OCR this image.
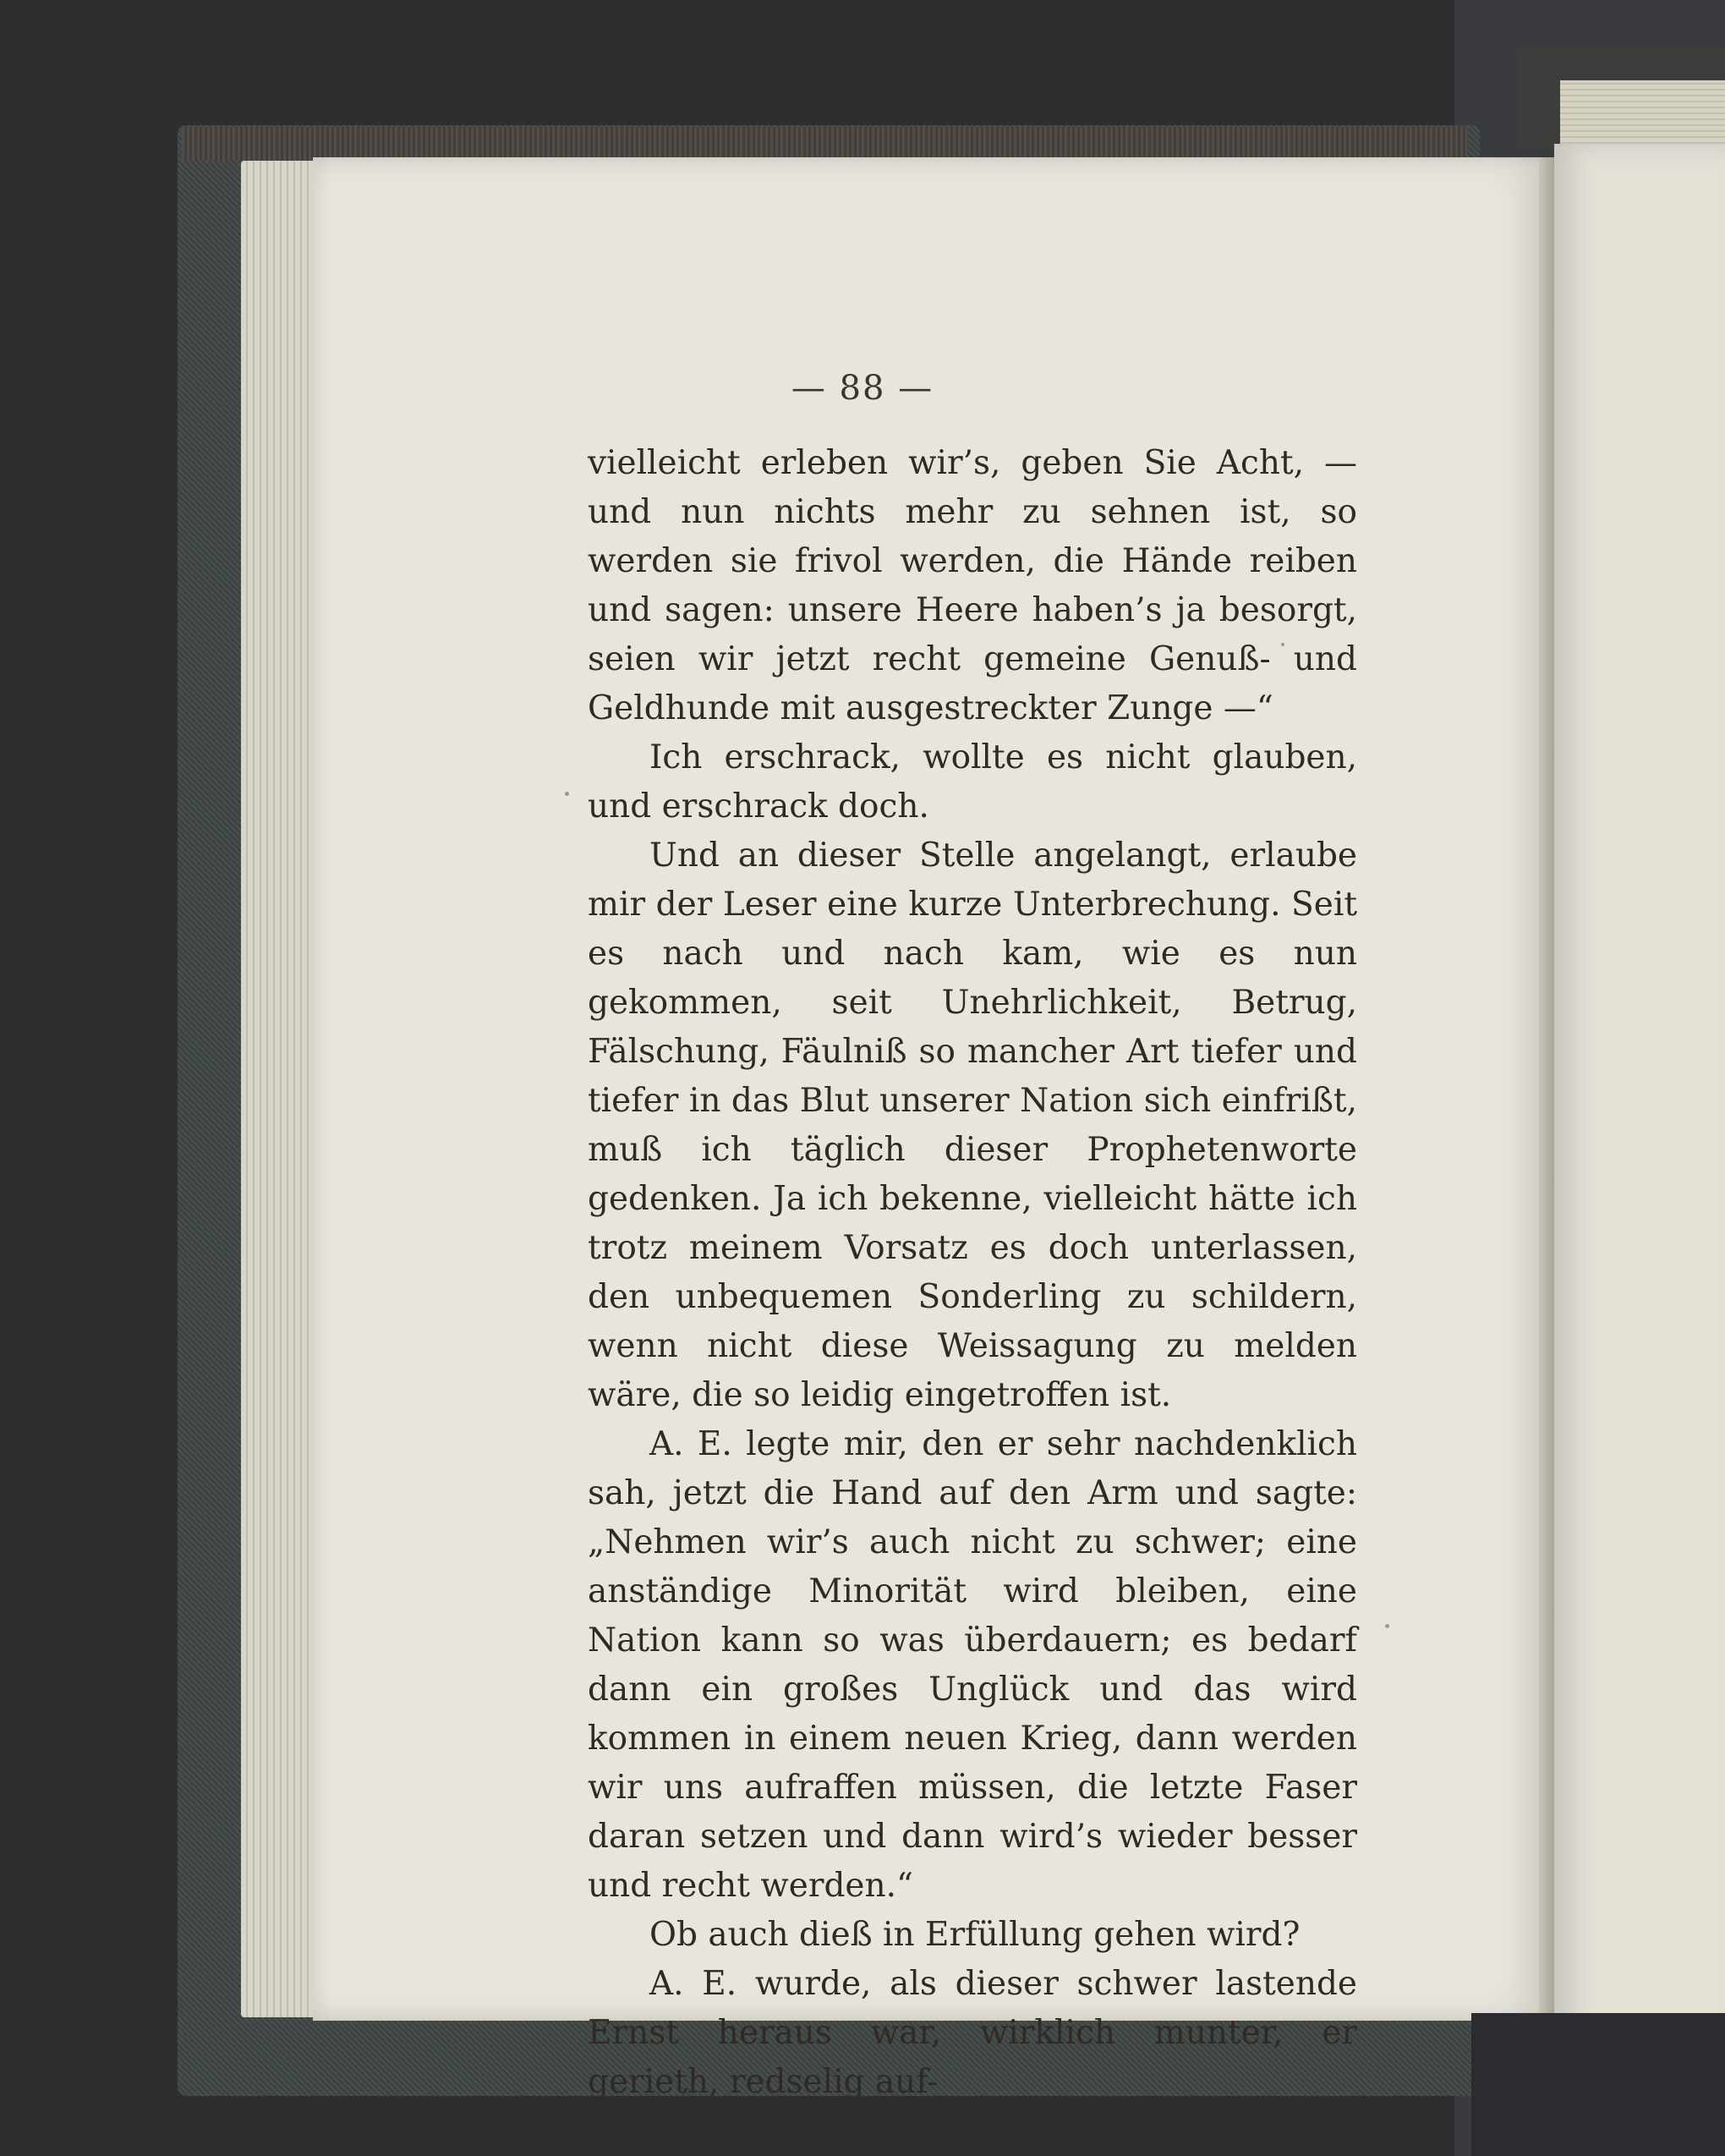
— 88 —

vielleicht erleben wir’s, geben Sie Acht, — und nun nichts mehr zu sehnen ist, so werden sie frivol werden, die Hände reiben und sagen: unsere Heere haben’s ja besorgt, seien wir jetzt recht gemeine Genuß- und Geldhunde mit ausgestreckter Zunge —“

Ich erschrack, wollte es nicht glauben, und erschrack doch.

Und an dieser Stelle angelangt, erlaube mir der Leser eine kurze Unterbrechung. Seit es nach und nach kam, wie es nun gekommen, seit Unehrlichkeit, Betrug, Fälschung, Fäulniß so mancher Art tiefer und tiefer in das Blut unserer Nation sich einfrißt, muß ich täglich dieser Prophetenworte gedenken. Ja ich bekenne, vielleicht hätte ich trotz meinem Vorsatz es doch unterlassen, den unbequemen Sonderling zu schildern, wenn nicht diese Weissagung zu melden wäre, die so leidig eingetroffen ist.

A. E. legte mir, den er sehr nachdenklich sah, jetzt die Hand auf den Arm und sagte: „Nehmen wir’s auch nicht zu schwer; eine anständige Minorität wird bleiben, eine Nation kann so was überdauern; es bedarf dann ein großes Unglück und das wird kommen in einem neuen Krieg, dann werden wir uns aufraffen müssen, die letzte Faser daran setzen und dann wird’s wieder besser und recht werden.“

Ob auch dieß in Erfüllung gehen wird?

A. E. wurde, als dieser schwer lastende Ernst heraus war, wirklich munter, er gerieth, redselig auf-
